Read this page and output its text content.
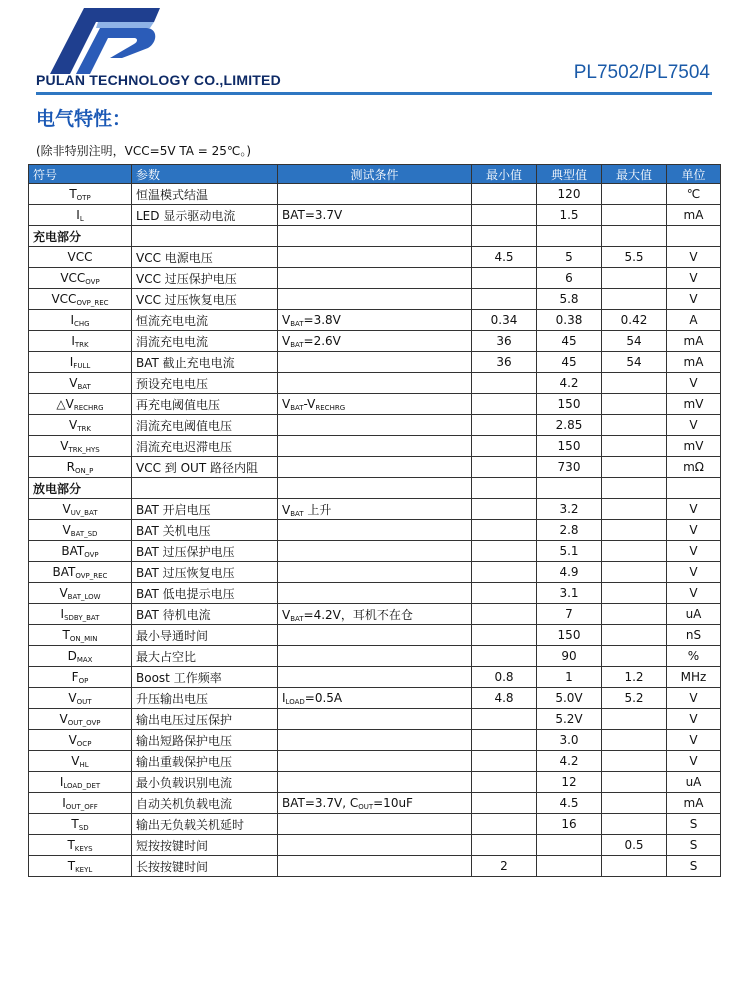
PULAN TECHNOLOGY CO.,LIMITED	PL7502/PL7504
电气特性：
(除非特别注明，VCC=5V TA = 25℃。)
符号	参数	测试条件	最小值	典型值	最大值	单位
$T_{OTP}$	恒温模式结温			120		℃
$I_L$	LED 显示驱动电流	BAT=3.7V		1.5		mA
充电部分						
VCC	VCC 电源电压		4.5	5	5.5	V
$VCC_{OVP}$	VCC 过压保护电压			6		V
$VCC_{OVP\_REC}$	VCC 过压恢复电压			5.8		V
$I_{CHG}$	恒流充电电流	$V_{BAT}=3.8V$	0.34	0.38	0.42	A
$I_{TRK}$	涓流充电电流	$V_{BAT}=2.6V$	36	45	54	mA
$I_{FULL}$	BAT 截止充电电流		36	45	54	mA
$V_{BAT}$	预设充电电压			4.2		V
$\triangle V_{RECHRG}$	再充电阈值电压	$V_{BAT}-V_{RECHRG}$		150		mV
$V_{TRK}$	涓流充电阈值电压			2.85		V
$V_{TRK\_HYS}$	涓流充电迟滞电压			150		mV
$R_{ON\_P}$	VCC 到 OUT 路径内阻			730		mΩ
放电部分						
$V_{UV\_BAT}$	BAT 开启电压	$V_{BAT}$ 上升		3.2		V
$V_{BAT\_SD}$	BAT 关机电压			2.8		V
$BAT_{OVP}$	BAT 过压保护电压			5.1		V
$BAT_{OVP\_REC}$	BAT 过压恢复电压			4.9		V
$V_{BAT\_LOW}$	BAT 低电提示电压			3.1		V
$I_{SDBY\_BAT}$	BAT 待机电流	$V_{BAT}=4.2V$，耳机不在仓		7		uA
$T_{ON\_MIN}$	最小导通时间			150		nS
$D_{MAX}$	最大占空比			90		%
$F_{OP}$	Boost 工作频率		0.8	1	1.2	MHz
$V_{OUT}$	升压输出电压	$I_{LOAD}=0.5A$	4.8	5.0V	5.2	V
$V_{OUT\_OVP}$	输出电压过压保护			5.2V		V
$V_{OCP}$	输出短路保护电压			3.0		V
$V_{HL}$	输出重载保护电压			4.2		V
$I_{LOAD\_DET}$	最小负载识别电流			12		uA
$I_{OUT\_OFF}$	自动关机负载电流	BAT=3.7V, $C_{OUT}=10uF$		4.5		mA
$T_{SD}$	输出无负载关机延时			16		S
$T_{KEYS}$	短按按键时间				0.5	S
$T_{KEYL}$	长按按键时间		2			S
